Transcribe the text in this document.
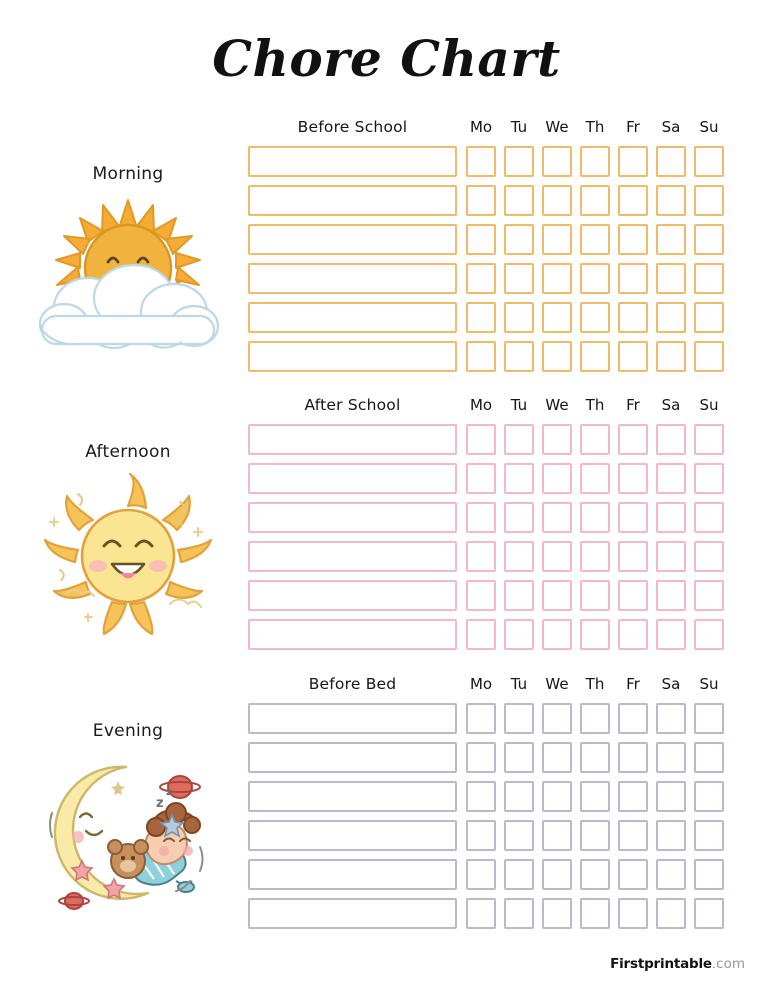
Chore Chart
Morning
Before School	Mo	Tu	We	Th	Fr	Sa	Su
Afternoon
After School	Mo	Tu	We	Th	Fr	Sa	Su
Evening
z
z
Before Bed	Mo	Tu	We	Th	Fr	Sa	Su
Firstprintable.com
